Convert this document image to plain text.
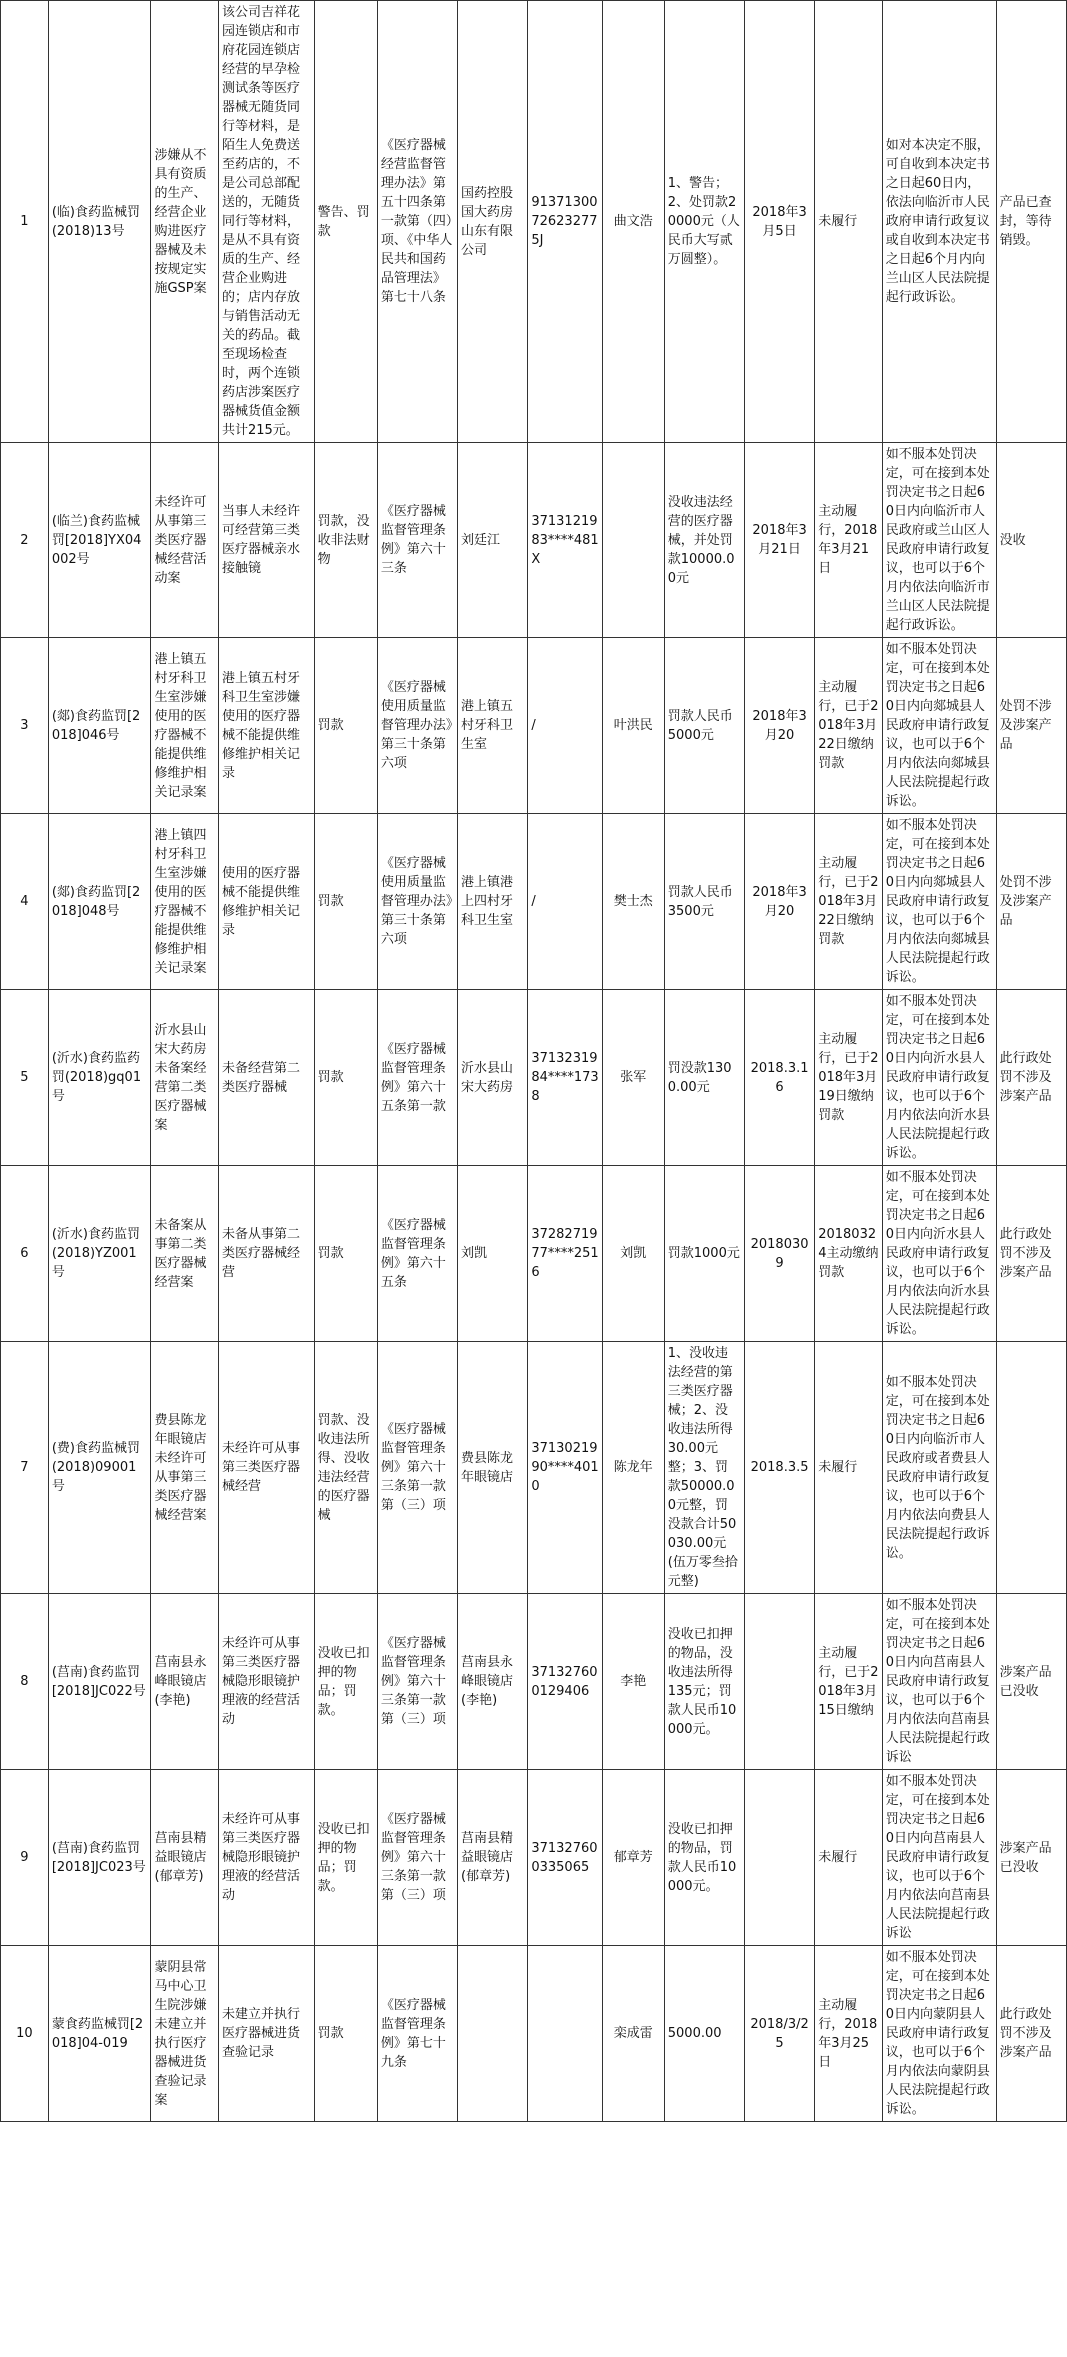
1	(临)食药监械罚(2018)13号	涉嫌从不具有资质的生产、经营企业购进医疗器械及未按规定实施GSP案	该公司吉祥花园连锁店和市府花园连锁店经营的早孕检测试条等医疗器械无随货同行等材料，是陌生人免费送至药店的，不是公司总部配送的，无随货同行等材料，是从不具有资质的生产、经营企业购进的；店内存放与销售活动无关的药品。截至现场检查时，两个连锁药店涉案医疗器械货值金额共计215元。	警告、罚款	《医疗器械经营监督管理办法》第五十四条第一款第（四）项、《中华人民共和国药品管理法》第七十八条	国药控股国大药房山东有限公司	91371300726232775J	曲文浩	1、警告；2、处罚款20000元（人民币大写贰万圆整）。	2018年3月5日	未履行	如对本决定不服，可自收到本决定书之日起60日内，依法向临沂市人民政府申请行政复议或自收到本决定书之日起6个月内向兰山区人民法院提起行政诉讼。	产品已查封，等待销毁。

2	(临兰)食药监械罚[2018]YX04002号	未经许可从事第三类医疗器械经营活动案	当事人未经许可经营第三类医疗器械亲水接触镜	罚款，没收非法财物	《医疗器械监督管理条例》第六十三条	刘廷江	3713121983****481X		没收违法经营的医疗器械，并处罚款10000.00元	2018年3月21日	主动履行，2018年3月21日	如不服本处罚决定，可在接到本处罚决定书之日起60日内向临沂市人民政府或兰山区人民政府申请行政复议，也可以于6个月内依法向临沂市兰山区人民法院提起行政诉讼。	没收

3	(郯)食药监罚[2018]046号	港上镇五村牙科卫生室涉嫌使用的医疗器械不能提供维修维护相关记录案	港上镇五村牙科卫生室涉嫌使用的医疗器械不能提供维修维护相关记录	罚款	《医疗器械使用质量监督管理办法》第三十条第六项	港上镇五村牙科卫生室	/	叶洪民	罚款人民币5000元	2018年3月20	主动履行，已于2018年3月22日缴纳罚款	如不服本处罚决定，可在接到本处罚决定书之日起60日内向郯城县人民政府申请行政复议，也可以于6个月内依法向郯城县人民法院提起行政诉讼。	处罚不涉及涉案产品

4	(郯)食药监罚[2018]048号	港上镇四村牙科卫生室涉嫌使用的医疗器械不能提供维修维护相关记录案	使用的医疗器械不能提供维修维护相关记录	罚款	《医疗器械使用质量监督管理办法》第三十条第六项	港上镇港上四村牙科卫生室	/	樊士杰	罚款人民币3500元	2018年3月20	主动履行，已于2018年3月22日缴纳罚款	如不服本处罚决定，可在接到本处罚决定书之日起60日内向郯城县人民政府申请行政复议，也可以于6个月内依法向郯城县人民法院提起行政诉讼。	处罚不涉及涉案产品

5	(沂水)食药监药罚(2018)gq01号	沂水县山宋大药房未备案经营第二类医疗器械案	未备经营第二类医疗器械	罚款	《医疗器械监督管理条例》第六十五条第一款	沂水县山宋大药房	3713231984****1738	张军	罚没款1300.00元	2018.3.16	主动履行，已于2018年3月19日缴纳罚款	如不服本处罚决定，可在接到本处罚决定书之日起60日内向沂水县人民政府申请行政复议，也可以于6个月内依法向沂水县人民法院提起行政诉讼。	此行政处罚不涉及涉案产品

6	(沂水)食药监罚(2018)YZ001号	未备案从事第二类医疗器械经营案	未备从事第二类医疗器械经营	罚款	《医疗器械监督管理条例》第六十五条	刘凯	3728271977****2516	刘凯	罚款1000元	20180309	20180324主动缴纳罚款	如不服本处罚决定，可在接到本处罚决定书之日起60日内向沂水县人民政府申请行政复议，也可以于6个月内依法向沂水县人民法院提起行政诉讼。	此行政处罚不涉及涉案产品

7	(费)食药监械罚(2018)09001号	费县陈龙年眼镜店未经许可从事第三类医疗器械经营案	未经许可从事第三类医疗器械经营	罚款、没收违法所得、没收违法经营的医疗器械	《医疗器械监督管理条例》第六十三条第一款第（三）项	费县陈龙年眼镜店	3713021990****4010	陈龙年	1、没收违法经营的第三类医疗器械；2、没收违法所得30.00元整；3、罚款50000.00元整，罚没款合计50030.00元(伍万零叁拾元整)	2018.3.5	未履行	如不服本处罚决定，可在接到本处罚决定书之日起60日内向临沂市人民政府或者费县人民政府申请行政复议，也可以于6个月内依法向费县人民法院提起行政诉讼。	

8	(莒南)食药监罚[2018]JC022号	莒南县永峰眼镜店(李艳)	未经许可从事第三类医疗器械隐形眼镜护理液的经营活动	没收已扣押的物品；罚款。	《医疗器械监督管理条例》第六十三条第一款第（三）项	莒南县永峰眼镜店(李艳)	371327600129406	李艳	没收已扣押的物品，没收违法所得135元；罚款人民币10000元。		主动履行，已于2018年3月15日缴纳	如不服本处罚决定，可在接到本处罚决定书之日起60日内向莒南县人民政府申请行政复议，也可以于6个月内依法向莒南县人民法院提起行政诉讼	涉案产品已没收

9	(莒南)食药监罚[2018]JC023号	莒南县精益眼镜店(郁章芳)	未经许可从事第三类医疗器械隐形眼镜护理液的经营活动	没收已扣押的物品；罚款。	《医疗器械监督管理条例》第六十三条第一款第（三）项	莒南县精益眼镜店(郁章芳)	371327600335065	郁章芳	没收已扣押的物品，罚款人民币10000元。		未履行	如不服本处罚决定，可在接到本处罚决定书之日起60日内向莒南县人民政府申请行政复议，也可以于6个月内依法向莒南县人民法院提起行政诉讼	涉案产品已没收

10	蒙食药监械罚[2018]04-019	蒙阴县常马中心卫生院涉嫌未建立并执行医疗器械进货查验记录案	未建立并执行医疗器械进货查验记录	罚款	《医疗器械监督管理条例》第七十九条			栾成雷	5000.00	2018/3/25	主动履行，2018年3月25日	如不服本处罚决定，可在接到本处罚决定书之日起60日内向蒙阴县人民政府申请行政复议，也可以于6个月内依法向蒙阴县人民法院提起行政诉讼。	此行政处罚不涉及涉案产品
